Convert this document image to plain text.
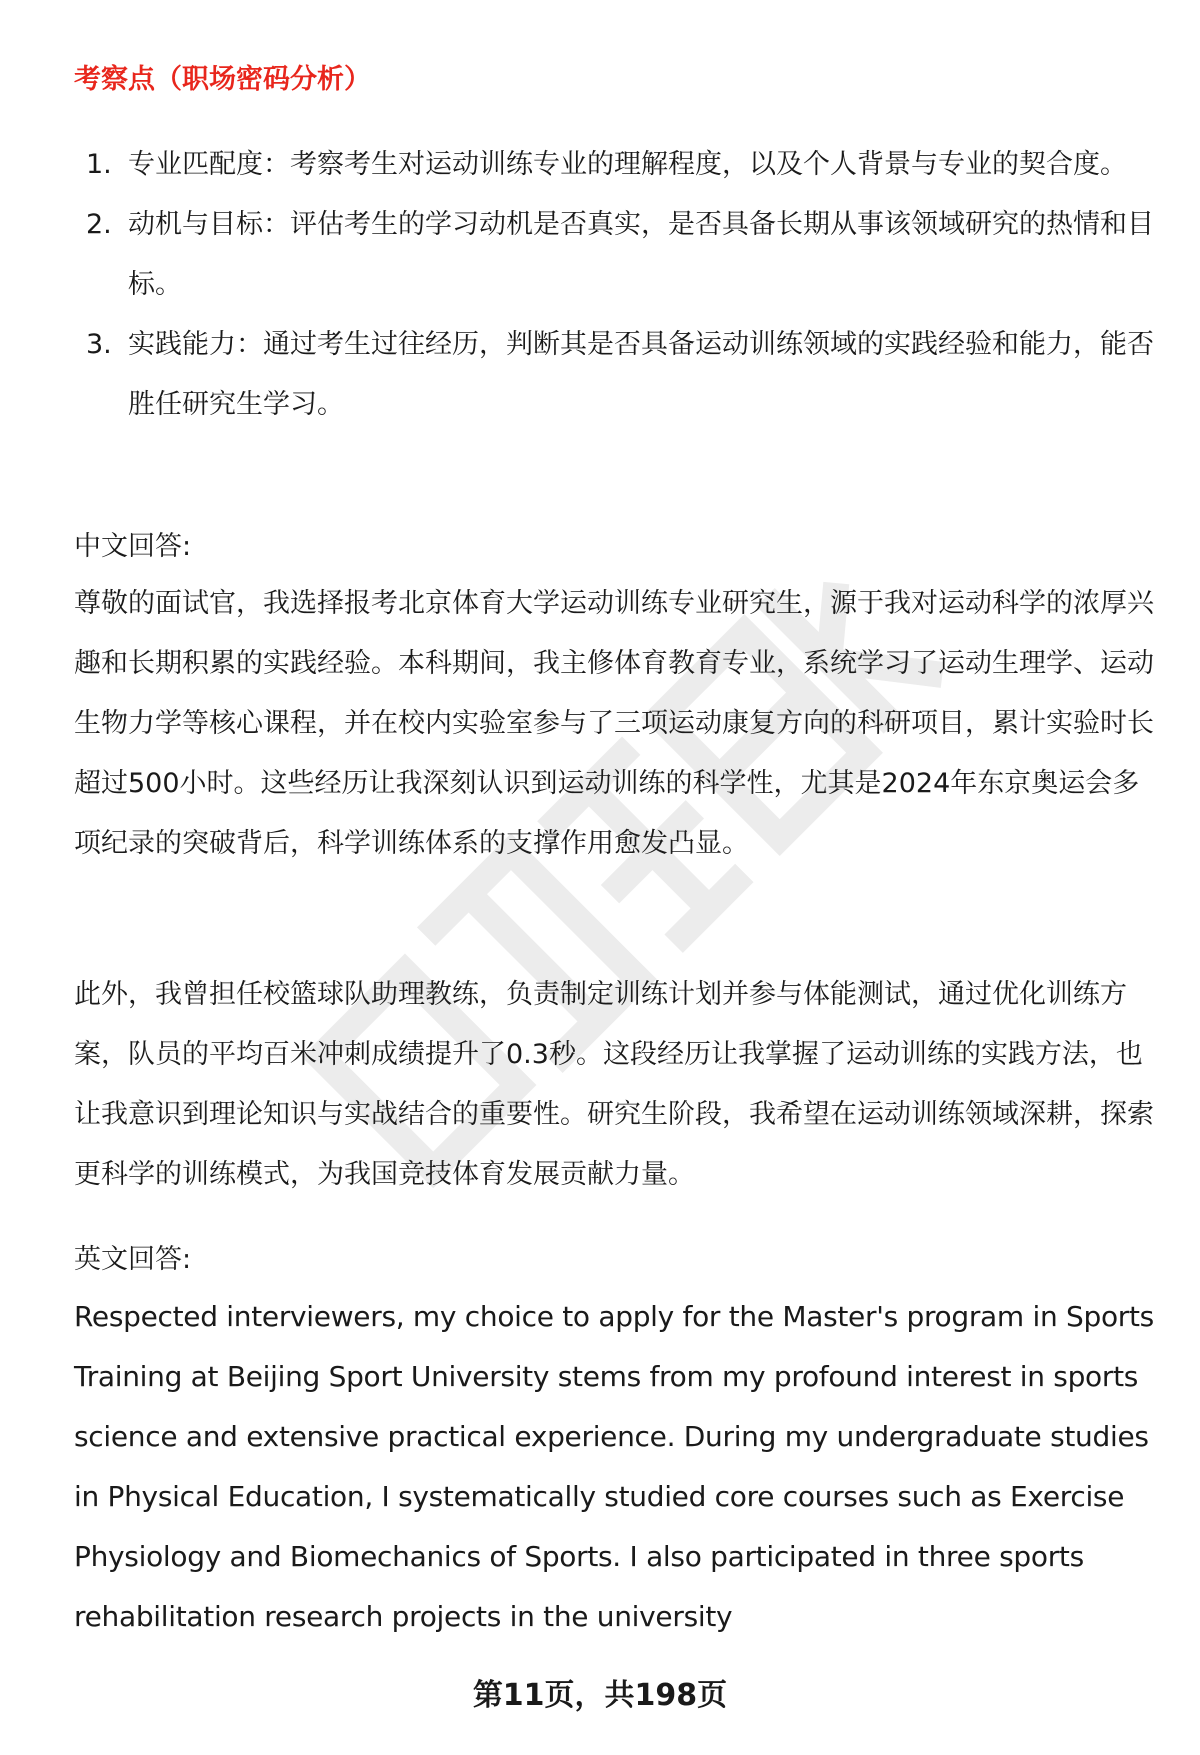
考察点（职场密码分析）
1. 专业匹配度：考察考生对运动训练专业的理解程度，以及个人背景与专业的契合度。
2. 动机与目标：评估考生的学习动机是否真实，是否具备长期从事该领域研究的热情和目标。
3. 实践能力：通过考生过往经历，判断其是否具备运动训练领域的实践经验和能力，能否胜任研究生学习。

中文回答:

尊敬的面试官，我选择报考北京体育大学运动训练专业研究生，源于我对运动科学的浓厚兴趣和长期积累的实践经验。本科期间，我主修体育教育专业，系统学习了运动生理学、运动生物力学等核心课程，并在校内实验室参与了三项运动康复方向的科研项目，累计实验时长超过500小时。这些经历让我深刻认识到运动训练的科学性，尤其是2024年东京奥运会多项纪录的突破背后，科学训练体系的支撑作用愈发凸显。

此外，我曾担任校篮球队助理教练，负责制定训练计划并参与体能测试，通过优化训练方案，队员的平均百米冲刺成绩提升了0.3秒。这段经历让我掌握了运动训练的实践方法，也让我意识到理论知识与实战结合的重要性。研究生阶段，我希望在运动训练领域深耕，探索更科学的训练模式，为我国竞技体育发展贡献力量。

英文回答:

Respected interviewers, my choice to apply for the Master's program in Sports Training at Beijing Sport University stems from my profound interest in sports science and extensive practical experience. During my undergraduate studies in Physical Education, I systematically studied core courses such as Exercise Physiology and Biomechanics of Sports. I also participated in three sports rehabilitation research projects in the university

第11页，共198页
